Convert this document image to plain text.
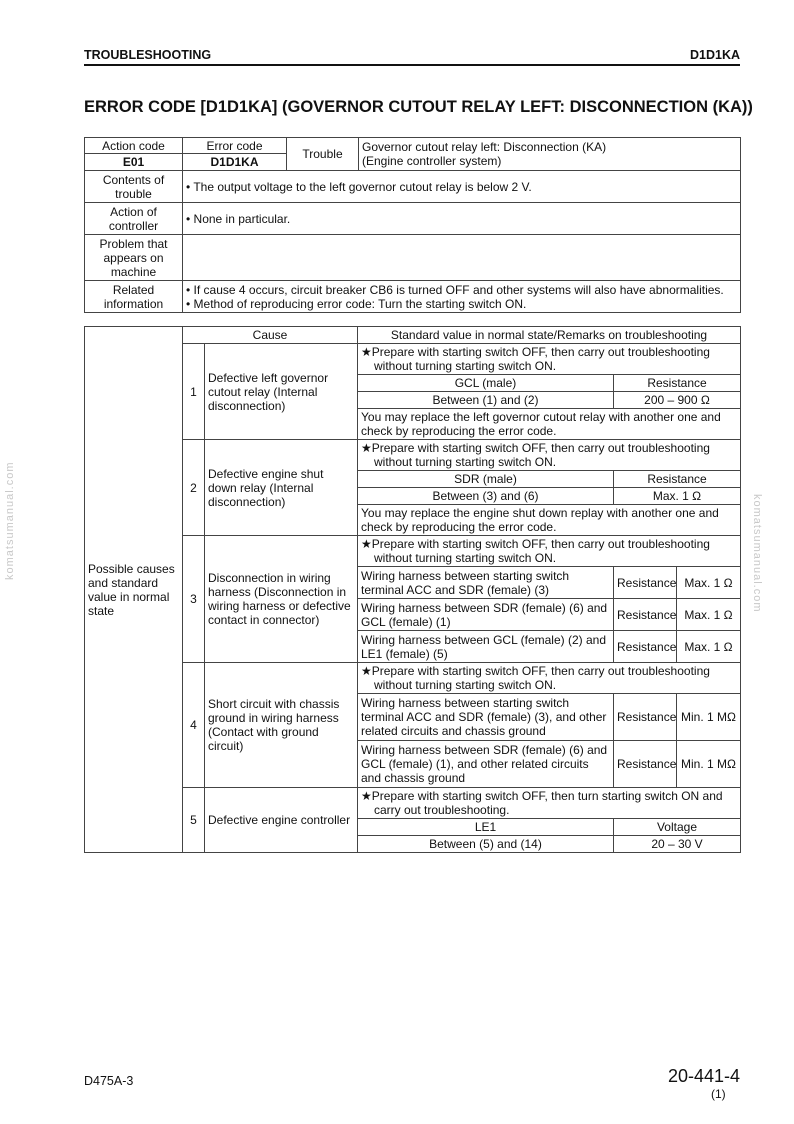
TROUBLESHOOTING	D1D1KA
ERROR CODE [D1D1KA] (GOVERNOR CUTOUT RELAY LEFT: DISCONNECTION (KA))
Action code	Error code	Trouble	Governor cutout relay left: Disconnection (KA)
(Engine controller system)

E01	D1D1KA		
Contents of trouble	• The output voltage to the left governor cutout relay is below 2 V.		
Action of controller	• None in particular.		
Problem that appears on machine			
Related information	• If cause 4 occurs, circuit breaker CB6 is turned OFF and other systems will also have abnormalities.
• Method of reproducing error code: Turn the starting switch ON.		
Possible causes and standard value in normal state	Cause		Standard value in normal state/Remarks on troubleshooting		
	1	Defective left governor cutout relay (Internal disconnection)	★Prepare with starting switch OFF, then carry out troubleshooting without turning starting switch ON.		
			GCL (male)	Resistance	
			Between (1) and (2)	200 – 900 Ω	
			You may replace the left governor cutout relay with another one and check by reproducing the error code.		
	2	Defective engine shut down relay (Internal disconnection)	★Prepare with starting switch OFF, then carry out troubleshooting without turning starting switch ON.		
			SDR (male)	Resistance	
			Between (3) and (6)	Max. 1 Ω	
			You may replace the engine shut down replay with another one and check by reproducing the error code.		
	3	Disconnection in wiring harness (Disconnection in wiring harness or defective contact in connector)	★Prepare with starting switch OFF, then carry out troubleshooting without turning starting switch ON.		
			Wiring harness between starting switch terminal ACC and SDR (female) (3)	Resistance	Max. 1 Ω
			Wiring harness between SDR (female) (6) and GCL (female) (1)	Resistance	Max. 1 Ω
			Wiring harness between GCL (female) (2) and LE1 (female) (5)	Resistance	Max. 1 Ω
	4	Short circuit with chassis ground in wiring harness (Contact with ground circuit)	★Prepare with starting switch OFF, then carry out troubleshooting without turning starting switch ON.		
			Wiring harness between starting switch terminal ACC and SDR (female) (3), and other related circuits and chassis ground	Resistance	Min. 1 MΩ
			Wiring harness between SDR (female) (6) and GCL (female) (1), and other related circuits and chassis ground	Resistance	Min. 1 MΩ
	5	Defective engine controller	★Prepare with starting switch OFF, then turn starting switch ON and carry out troubleshooting.		
			LE1	Voltage	
			Between (5) and (14)	20 – 30 V	
komatsumanual.com	komatsumanual.com
D475A-3	20-441-4
(1)
